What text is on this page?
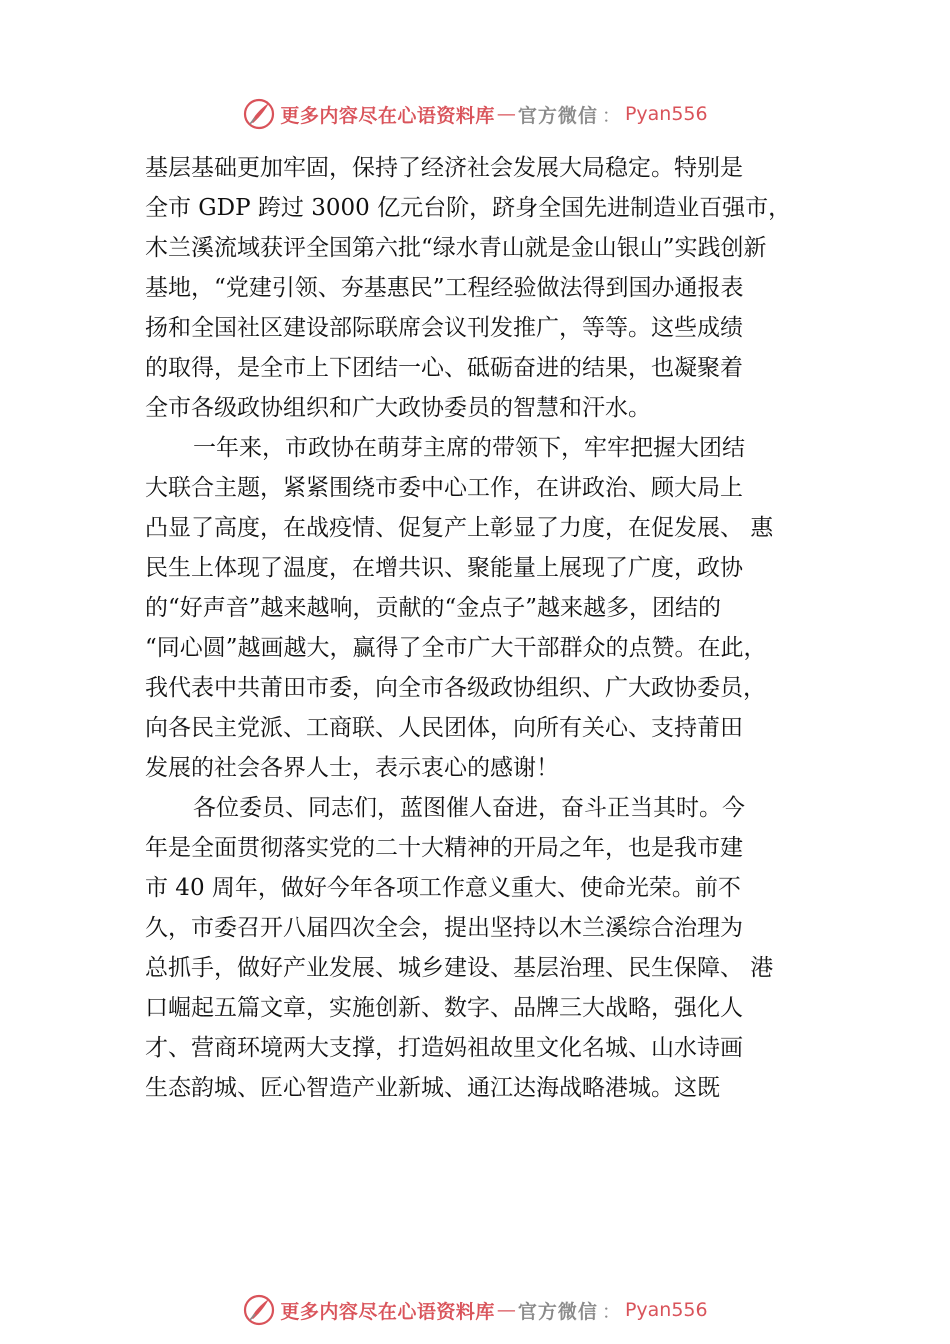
更多内容尽在心语资料库 — 官方微信 ： Pyan556
基层基础更加牢固，保持了经济社会发展大局稳定。特别是
全市 GDP 跨过 3000 亿元台阶，跻身全国先进制造业百强市，
木兰溪流域获评全国第六批“绿水青山就是金山银山”实践创新
基地，“党建引领、夯基惠民”工程经验做法得到国办通报表
扬和全国社区建设部际联席会议刊发推广，等等。这些成绩
的取得，是全市上下团结一心、砥砺奋进的结果，也凝聚着
全市各级政协组织和广大政协委员的智慧和汗水。
一年来，市政协在萌芽主席的带领下，牢牢把握大团结
大联合主题，紧紧围绕市委中心工作，在讲政治、顾大局上
凸显了高度，在战疫情、促复产上彰显了力度，在促发展、 惠
民生上体现了温度，在增共识、聚能量上展现了广度，政协
的“好声音”越来越响，贡献的“金点子”越来越多，团结的
“同心圆”越画越大，赢得了全市广大干部群众的点赞。在此，
我代表中共莆田市委，向全市各级政协组织、广大政协委员，
向各民主党派、工商联、人民团体，向所有关心、支持莆田
发展的社会各界人士，表示衷心的感谢！
各位委员、同志们，蓝图催人奋进，奋斗正当其时。今
年是全面贯彻落实党的二十大精神的开局之年，也是我市建
市 40 周年，做好今年各项工作意义重大、使命光荣。前不
久，市委召开八届四次全会，提出坚持以木兰溪综合治理为
总抓手，做好产业发展、城乡建设、基层治理、民生保障、 港
口崛起五篇文章，实施创新、数字、品牌三大战略，强化人
才、营商环境两大支撑，打造妈祖故里文化名城、山水诗画
生态韵城、匠心智造产业新城、通江达海战略港城。这既
更多内容尽在心语资料库 — 官方微信 ： Pyan556
